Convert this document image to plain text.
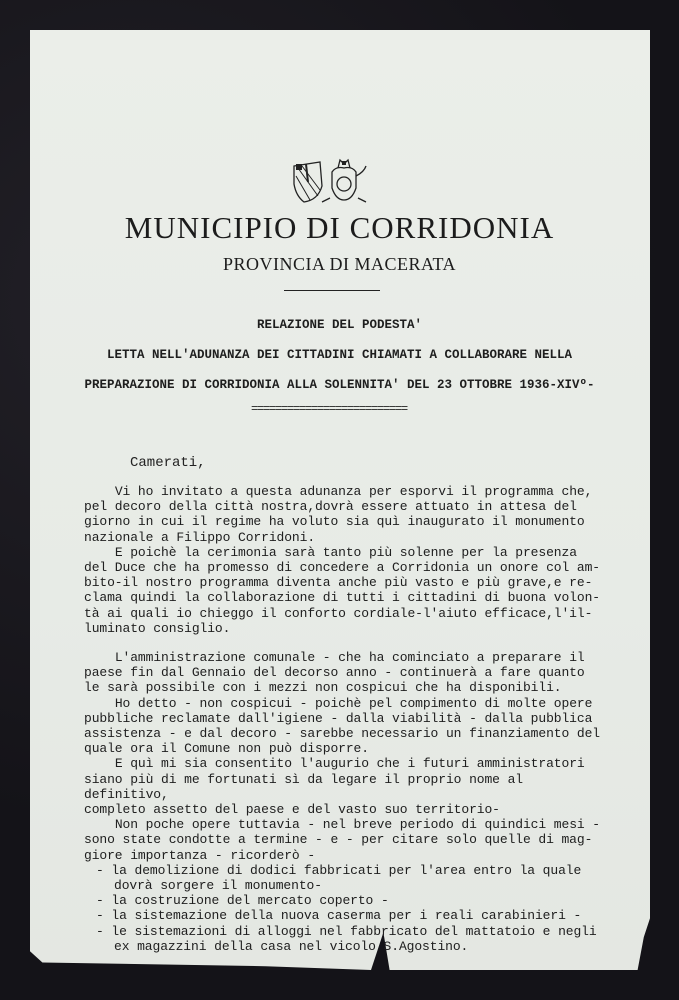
MUNICIPIO DI CORRIDONIA
PROVINCIA DI MACERATA
RELAZIONE DEL PODESTA'
LETTA NELL'ADUNANZA DEI CITTADINI CHIAMATI A COLLABORARE NELLA
PREPARAZIONE DI CORRIDONIA ALLA SOLENNITA' DEL 23 OTTOBRE 1936-XIVº-
==========================
Camerati,

Vi ho invitato a questa adunanza per esporvi il programma che,
pel decoro della città nostra,dovrà essere attuato in attesa del
giorno in cui il regime ha voluto sia quì inaugurato il monumento
nazionale a Filippo Corridoni.

E poichè la cerimonia sarà tanto più solenne per la presenza
del Duce che ha promesso di concedere a Corridonia un onore col am-
bito-il nostro programma diventa anche più vasto e più grave,e re-
clama quindi la collaborazione di tutti i cittadini di buona volon-
tà ai quali io chieggo il conforto cordiale-l'aiuto efficace,l'il-
luminato consiglio.

L'amministrazione comunale - che ha cominciato a preparare il
paese fin dal Gennaio del decorso anno - continuerà a fare quanto
le sarà possibile con i mezzi non cospicui che ha disponibili.

Ho detto - non cospicui - poichè pel compimento di molte opere
pubbliche reclamate dall'igiene - dalla viabilità - dalla pubblica
assistenza - e dal decoro - sarebbe necessario un finanziamento del
quale ora il Comune non può disporre.

E quì mi sia consentito l'augurio che i futuri amministratori
siano più di me fortunati sì da legare il proprio nome al definitivo,
completo assetto del paese e del vasto suo territorio-

Non poche opere tuttavia - nel breve periodo di quindici mesi -
sono state condotte a termine - e - per citare solo quelle di mag-
giore importanza - ricorderò -

- la demolizione di dodici fabbricati per l'area entro la quale
dovrà sorgere il monumento-
- la costruzione del mercato coperto -
- la sistemazione della nuova caserma per i reali carabinieri -
- le sistemazioni di alloggi nel fabbricato del mattatoio e negli
ex magazzini della casa nel vicolo S.Agostino.
